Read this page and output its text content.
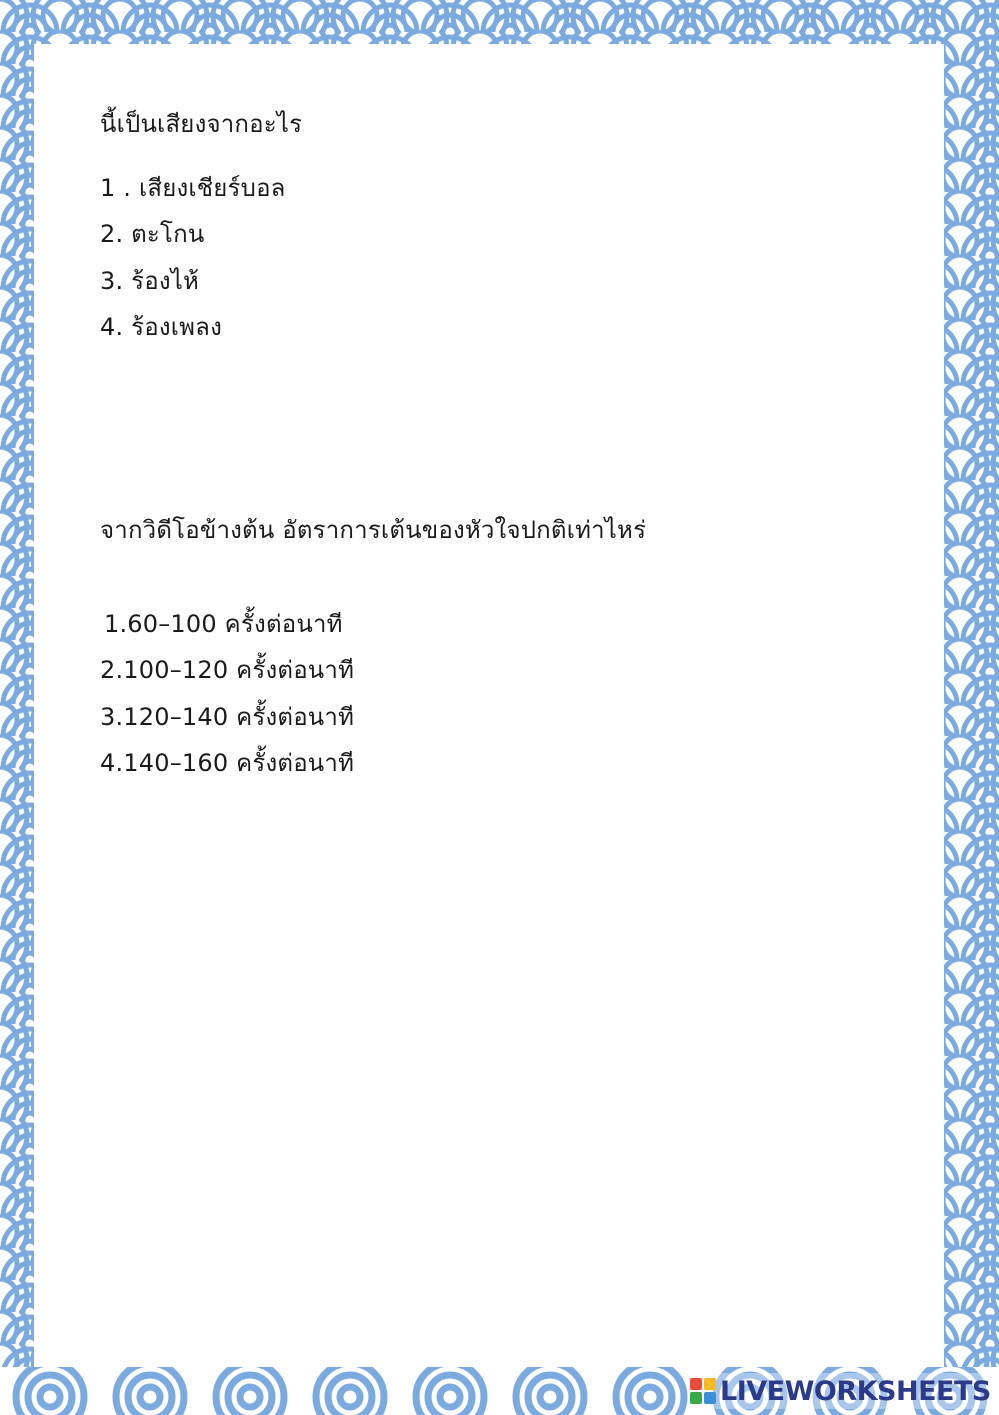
นี้เป็นเสียงจากอะไร

1 . เสียงเชียร์บอล

2. ตะโกน

3. ร้องไห้

4. ร้องเพลง

จากวิดีโอข้างต้น อัตราการเต้นของหัวใจปกติเท่าไหร่

1.60–100 ครั้งต่อนาที

2.100–120 ครั้งต่อนาที

3.120–140 ครั้งต่อนาที

4.140–160 ครั้งต่อนาที

LIVEWORKSHEETS
